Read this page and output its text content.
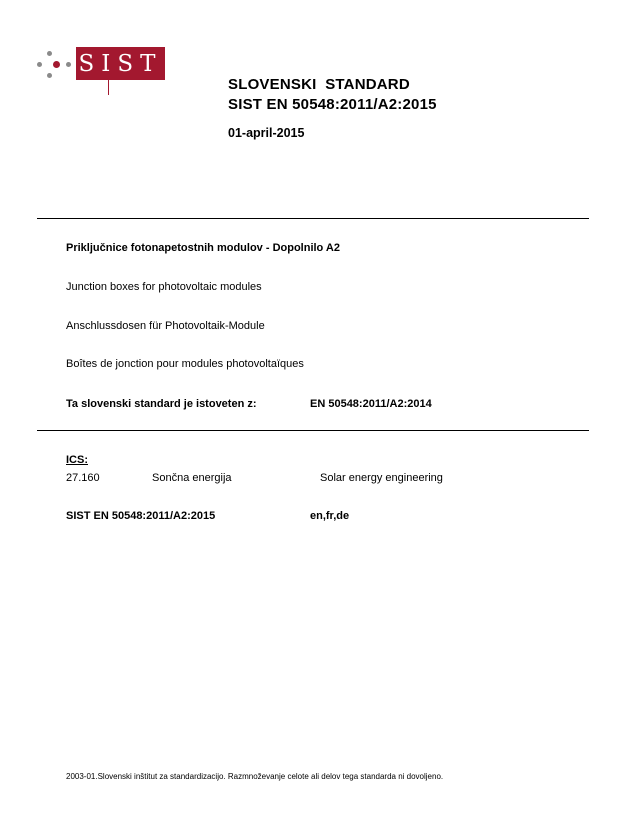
SIST
SLOVENSKI  STANDARD
SIST EN 50548:2011/A2:2015
01-april-2015
Priključnice fotonapetostnih modulov - Dopolnilo A2
Junction boxes for photovoltaic modules
Anschlussdosen für Photovoltaik-Module
Boîtes de jonction pour modules photovoltaïques
Ta slovenski standard je istoveten z:	EN 50548:2011/A2:2014
ICS:
27.160	Sončna energija	Solar energy engineering
SIST EN 50548:2011/A2:2015	en,fr,de
2003-01.Slovenski inštitut za standardizacijo. Razmnoževanje celote ali delov tega standarda ni dovoljeno.
